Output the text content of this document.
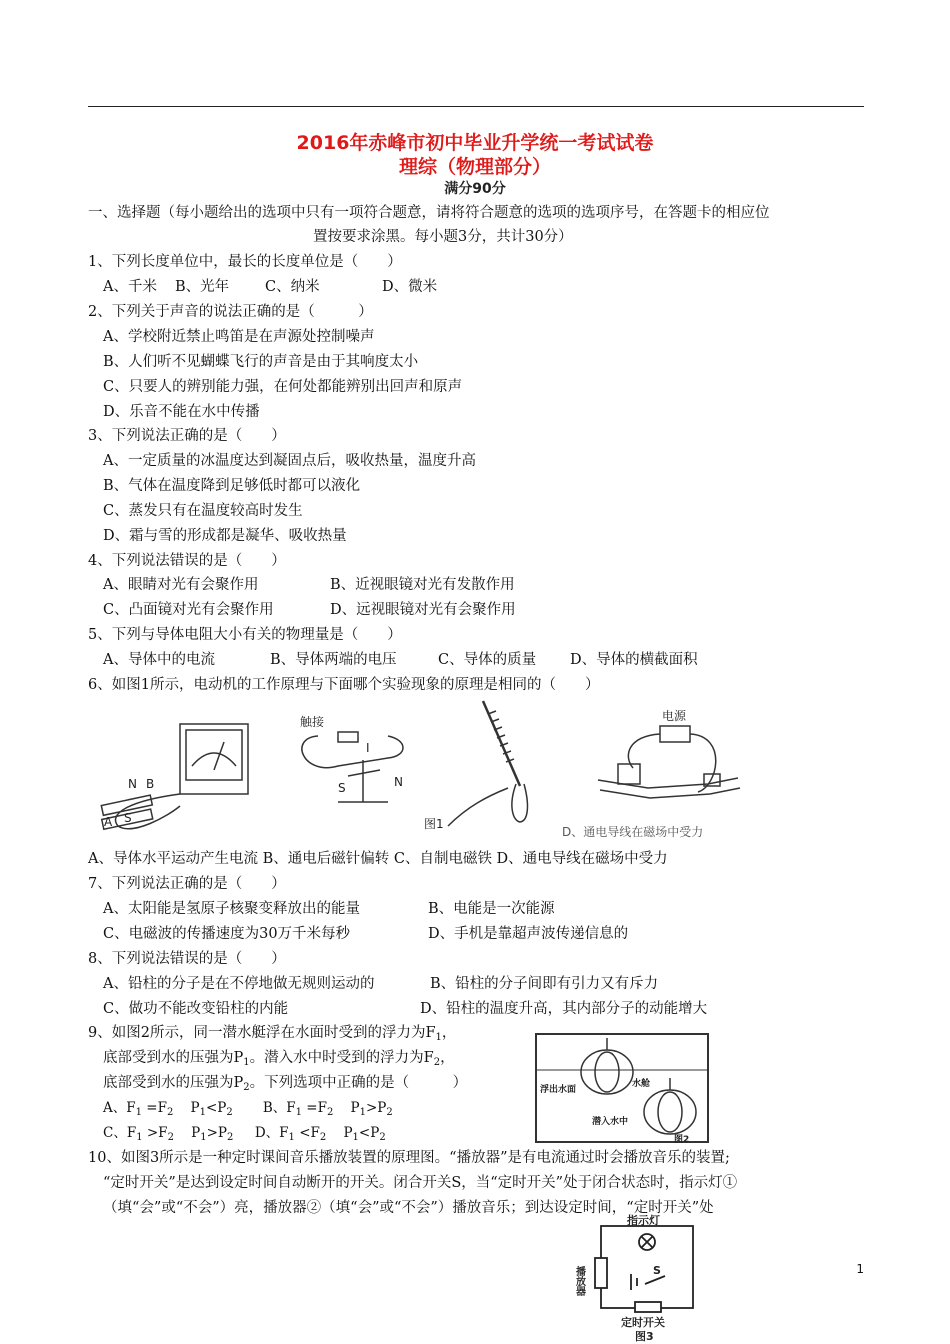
2016年赤峰市初中毕业升学统一考试试卷
理综（物理部分）
满分90分
一、选择题（每小题给出的选项中只有一项符合题意，请将符合题意的选项的选项序号，在答题卡的相应位
置按要求涂黑。每小题3分，共计30分）
1、下列长度单位中，最长的长度单位是（　　）
A、千米 B、光年 C、纳米	D、微米
2、下列关于声音的说法正确的是（　　　）
A、学校附近禁止鸣笛是在声源处控制噪声
B、人们听不见蝴蝶飞行的声音是由于其响度太小
C、只要人的辨别能力强，在何处都能辨别出回声和原声
D、乐音不能在水中传播
3、下列说法正确的是（　　）
A、一定质量的冰温度达到凝固点后，吸收热量，温度升高
B、气体在温度降到足够低时都可以液化
C、蒸发只有在温度较高时发生
D、霜与雪的形成都是凝华、吸收热量
4、下列说法错误的是（　　）
A、眼睛对光有会聚作用	B、近视眼镜对光有发散作用
C、凸面镜对光有会聚作用	D、远视眼镜对光有会聚作用
5、下列与导体电阻大小有关的物理量是（　　）
A、导体中的电流	B、导体两端的电压	C、导体的质量 D、导体的横截面积
6、如图1所示，电动机的工作原理与下面哪个实验现象的原理是相同的（　　）
N B
A S
触接
I
S	N
电源
图1
D、通电导线在磁场中受力
A、导体水平运动产生电流 B、通电后磁针偏转 C、自制电磁铁 D、通电导线在磁场中受力
7、下列说法正确的是（　　）
A、太阳能是氢原子核聚变释放出的能量	B、电能是一次能源
C、电磁波的传播速度为30万千米每秒	D、手机是靠超声波传递信息的
8、下列说法错误的是（　　）
A、铅柱的分子是在不停地做无规则运动的	B、铅柱的分子间即有引力又有斥力
C、做功不能改变铅柱的内能	D、铅柱的温度升高，其内部分子的动能增大
9、如图2所示，同一潜水艇浮在水面时受到的浮力为$F_1$，
底部受到水的压强为$P_1$。潜入水中时受到的浮力为$F_2$，
底部受到水的压强为$P_2$。下列选项中正确的是（　　　）
A、$F_1 =F_2$ $P_1<P_2$ B、$F_1 =F_2$ $P_1>P_2$
C、$F_1 >F_2$ $P_1>P_2$ D、$F_1 <F_2$ $P_1<P_2$
浮出水面
水舱
潜入水中
图2
10、如图3所示是一种定时课间音乐播放装置的原理图。“播放器”是有电流通过时会播放音乐的装置;
“定时开关”是达到设定时间自动断开的开关。闭合开关S，当“定时开关”处于闭合状态时，指示灯①
（填“会”或“不会”）亮，播放器②（填“会”或“不会”）播放音乐；到达设定时间，“定时开关”处
指示灯
播放器	S
定时开关
图3
1
